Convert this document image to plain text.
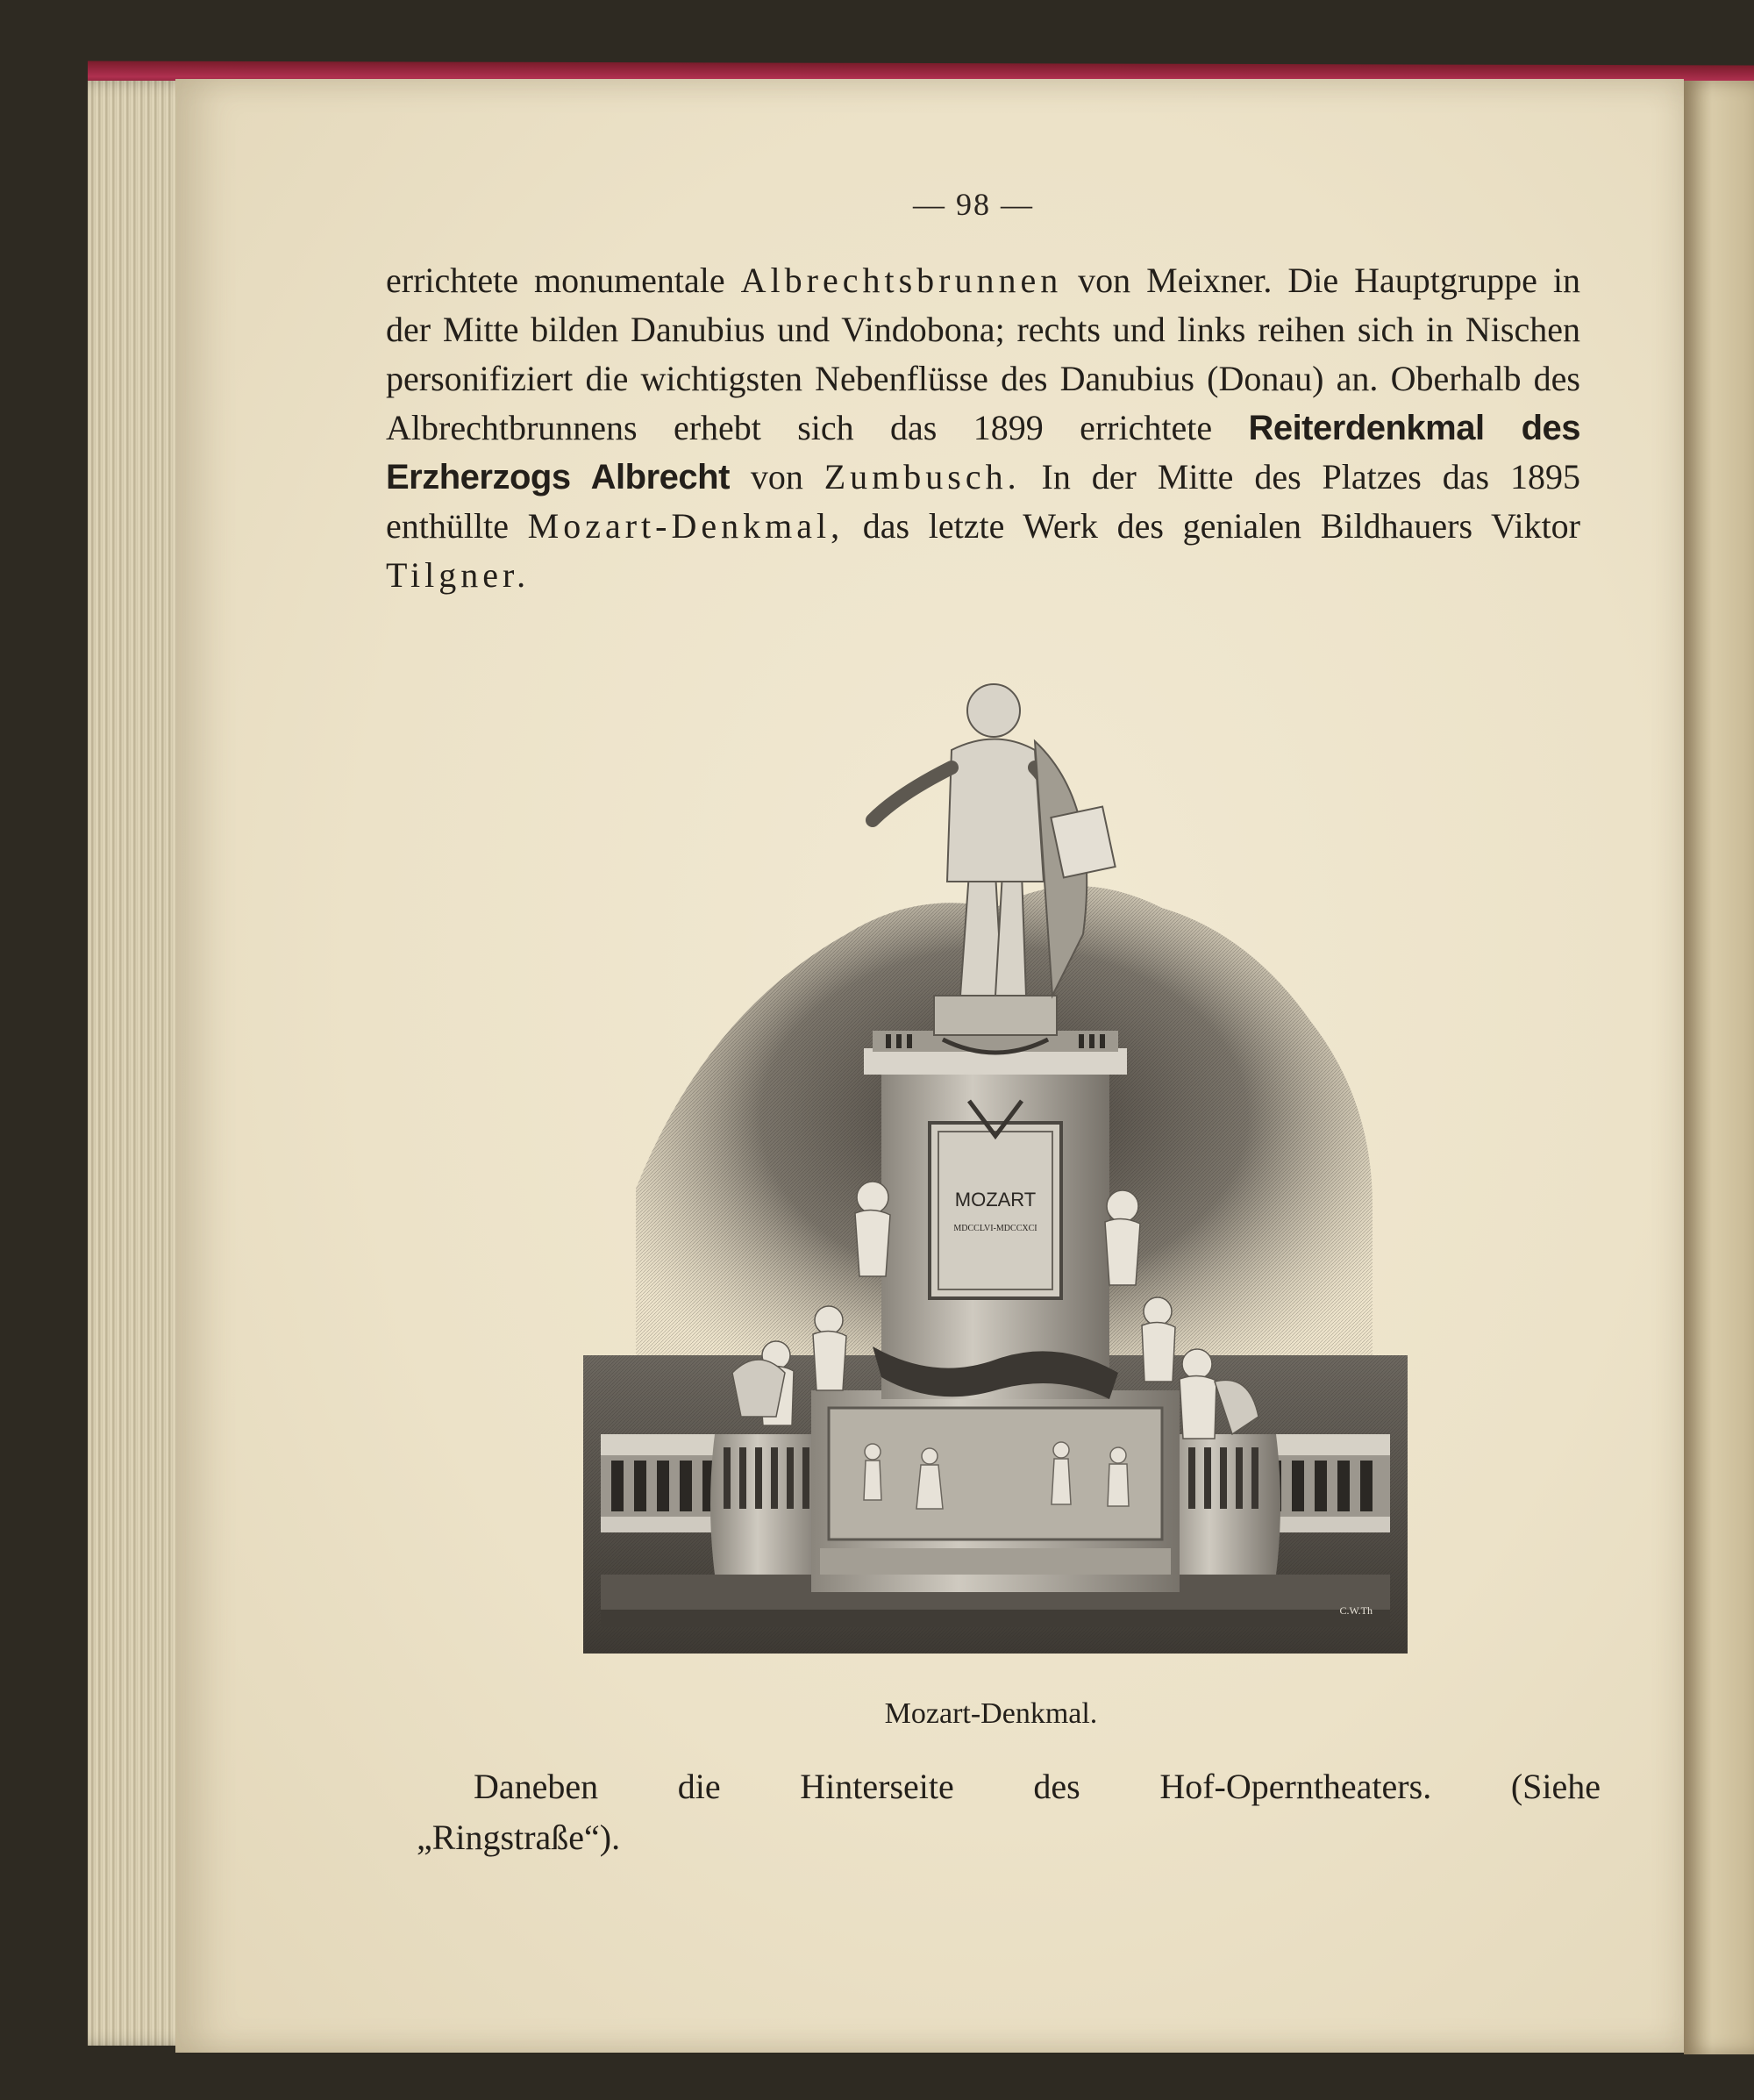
— 98 —
errichtete monumentale Albrechtsbrunnen von Meixner. Die Hauptgruppe in der Mitte bilden Danubius und Vindobona; rechts und links reihen sich in Nischen personifiziert die wichtigsten Nebenflüsse des Danubius (Donau) an. Oberhalb des Albrechtbrunnens erhebt sich das 1899 errichtete Reiterdenkmal des Erzherzogs Albrecht von Zumbusch. In der Mitte des Platzes das 1895 enthüllte Mozart-Denkmal, das letzte Werk des genialen Bildhauers Viktor Tilgner.
MOZART
MDCCLVI-MDCCXCI
C.W.Th
Mozart-Denkmal.
Daneben die Hinterseite des Hof-Operntheaters. (Siehe
„Ringstraße“).
